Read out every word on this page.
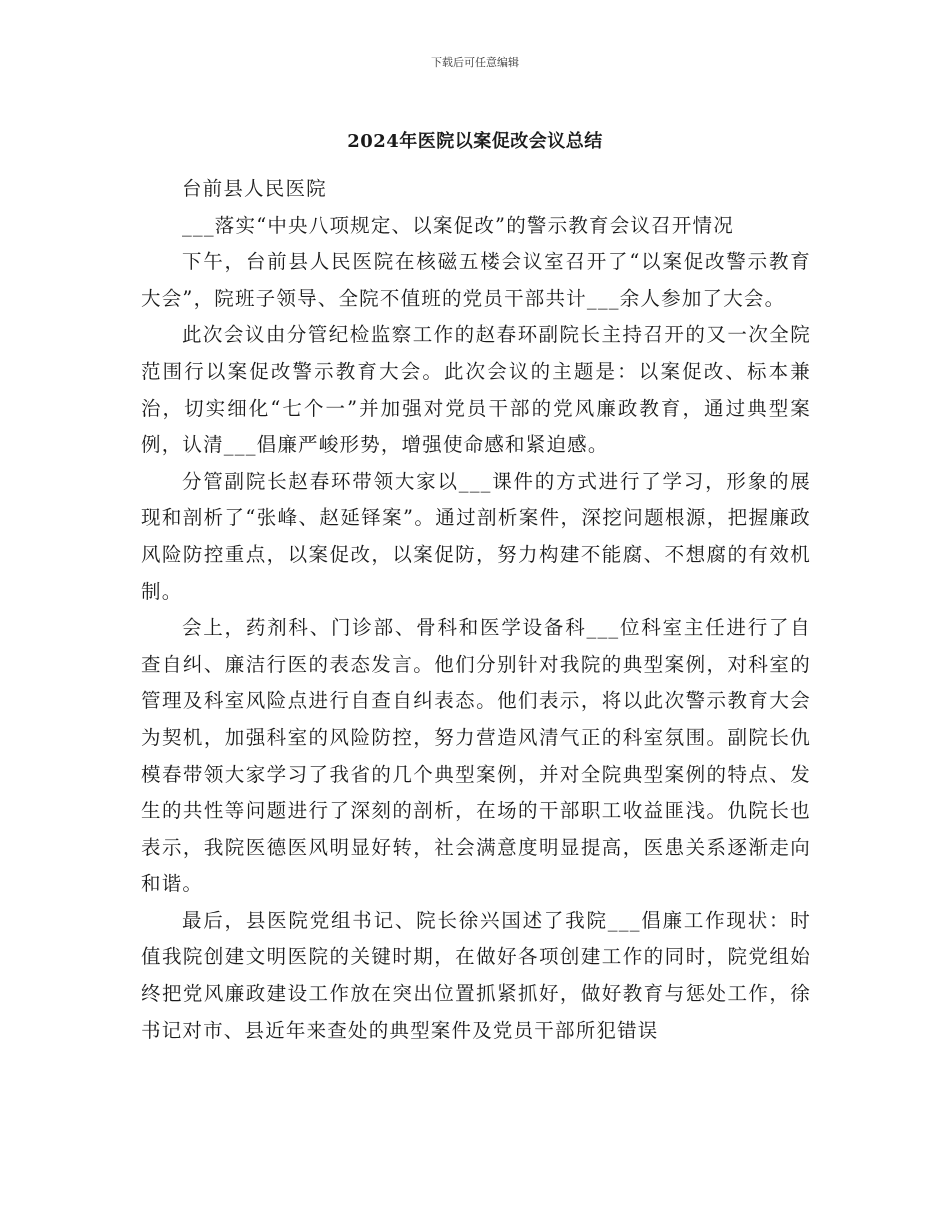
下载后可任意编辑
2024年医院以案促改会议总结

台前县人民医院

___落实“中央八项规定、以案促改”的警示教育会议召开情况

下午，台前县人民医院在核磁五楼会议室召开了“以案促改警示教育大会”，院班子领导、全院不值班的党员干部共计___余人参加了大会。

此次会议由分管纪检监察工作的赵春环副院长主持召开的又一次全院范围行以案促改警示教育大会。此次会议的主题是：以案促改、标本兼治，切实细化“七个一”并加强对党员干部的党风廉政教育，通过典型案例，认清___倡廉严峻形势，增强使命感和紧迫感。

分管副院长赵春环带领大家以___课件的方式进行了学习，形象的展现和剖析了“张峰、赵延铎案”。通过剖析案件，深挖问题根源，把握廉政风险防控重点，以案促改，以案促防，努力构建不能腐、不想腐的有效机制。

会上，药剂科、门诊部、骨科和医学设备科___位科室主任进行了自查自纠、廉洁行医的表态发言。他们分别针对我院的典型案例，对科室的管理及科室风险点进行自查自纠表态。他们表示，将以此次警示教育大会为契机，加强科室的风险防控，努力营造风清气正的科室氛围。副院长仇模春带领大家学习了我省的几个典型案例，并对全院典型案例的特点、发生的共性等问题进行了深刻的剖析，在场的干部职工收益匪浅。仇院长也表示，我院医德医风明显好转，社会满意度明显提高，医患关系逐渐走向和谐。

最后，县医院党组书记、院长徐兴国述了我院___倡廉工作现状：时值我院创建文明医院的关键时期，在做好各项创建工作的同时，院党组始终把党风廉政建设工作放在突出位置抓紧抓好，做好教育与惩处工作，徐书记对市、县近年来查处的典型案件及党员干部所犯错误
